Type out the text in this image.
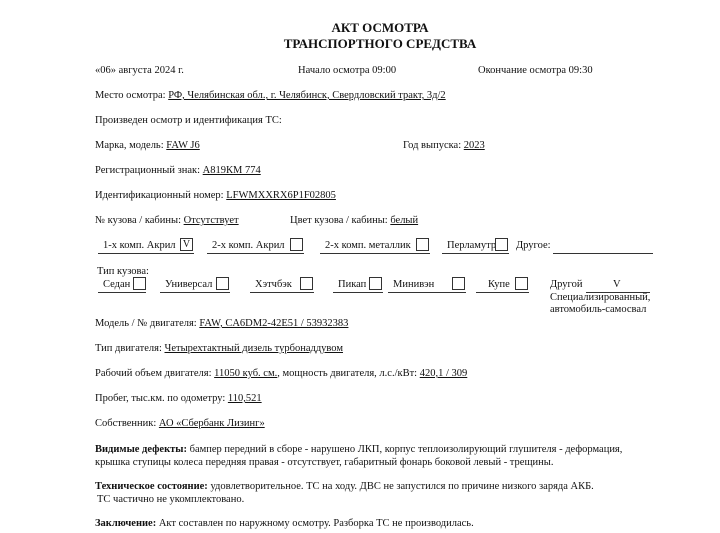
АКТ ОСМОТРА
ТРАНСПОРТНОГО СРЕДСТВА
«06» августа 2024 г.	Начало осмотра 09:00	Окончание осмотра 09:30
Место осмотра: РФ, Челябинская обл., г. Челябинск, Свердловский тракт, 3д/2
Произведен осмотр и идентификация ТС:
Марка, модель: FAW J6	Год выпуска: 2023
Регистрационный знак: А819КМ 774
Идентификационный номер: LFWMXXRX6P1F02805
№ кузова / кабины: Отсутствует	Цвет кузова / кабины: белый
1-х комп. Акрил V 2-х комп. Акрил	2-х комп. металлик	Перламутр Другое:
Тип кузова:
Седан	Универсал	Хэтчбэк	Пикап	Минивэн	Купе	Другой	V
Специализированный,
автомобиль-самосвал
Модель / № двигателя: FAW, CA6DM2-42E51 / 53932383
Тип двигателя: Четырехтактный дизель турбонаддувом
Рабочий объем двигателя: 11050 куб. см., мощность двигателя, л.с./кВт: 420,1 / 309
Пробег, тыс.км. по одометру: 110,521
Собственник: АО «Сбербанк Лизинг»
Видимые дефекты: бампер передний в сборе - нарушено ЛКП, корпус теплоизолирующий глушителя - деформация,
крышка ступицы колеса передняя правая - отсутствует, габаритный фонарь боковой левый - трещины.
Техническое состояние: удовлетворительное. ТС на ходу. ДВС не запустился по причине низкого заряда АКБ.
ТС частично не укомплектовано.
Заключение: Акт составлен по наружному осмотру. Разборка ТС не производилась.
